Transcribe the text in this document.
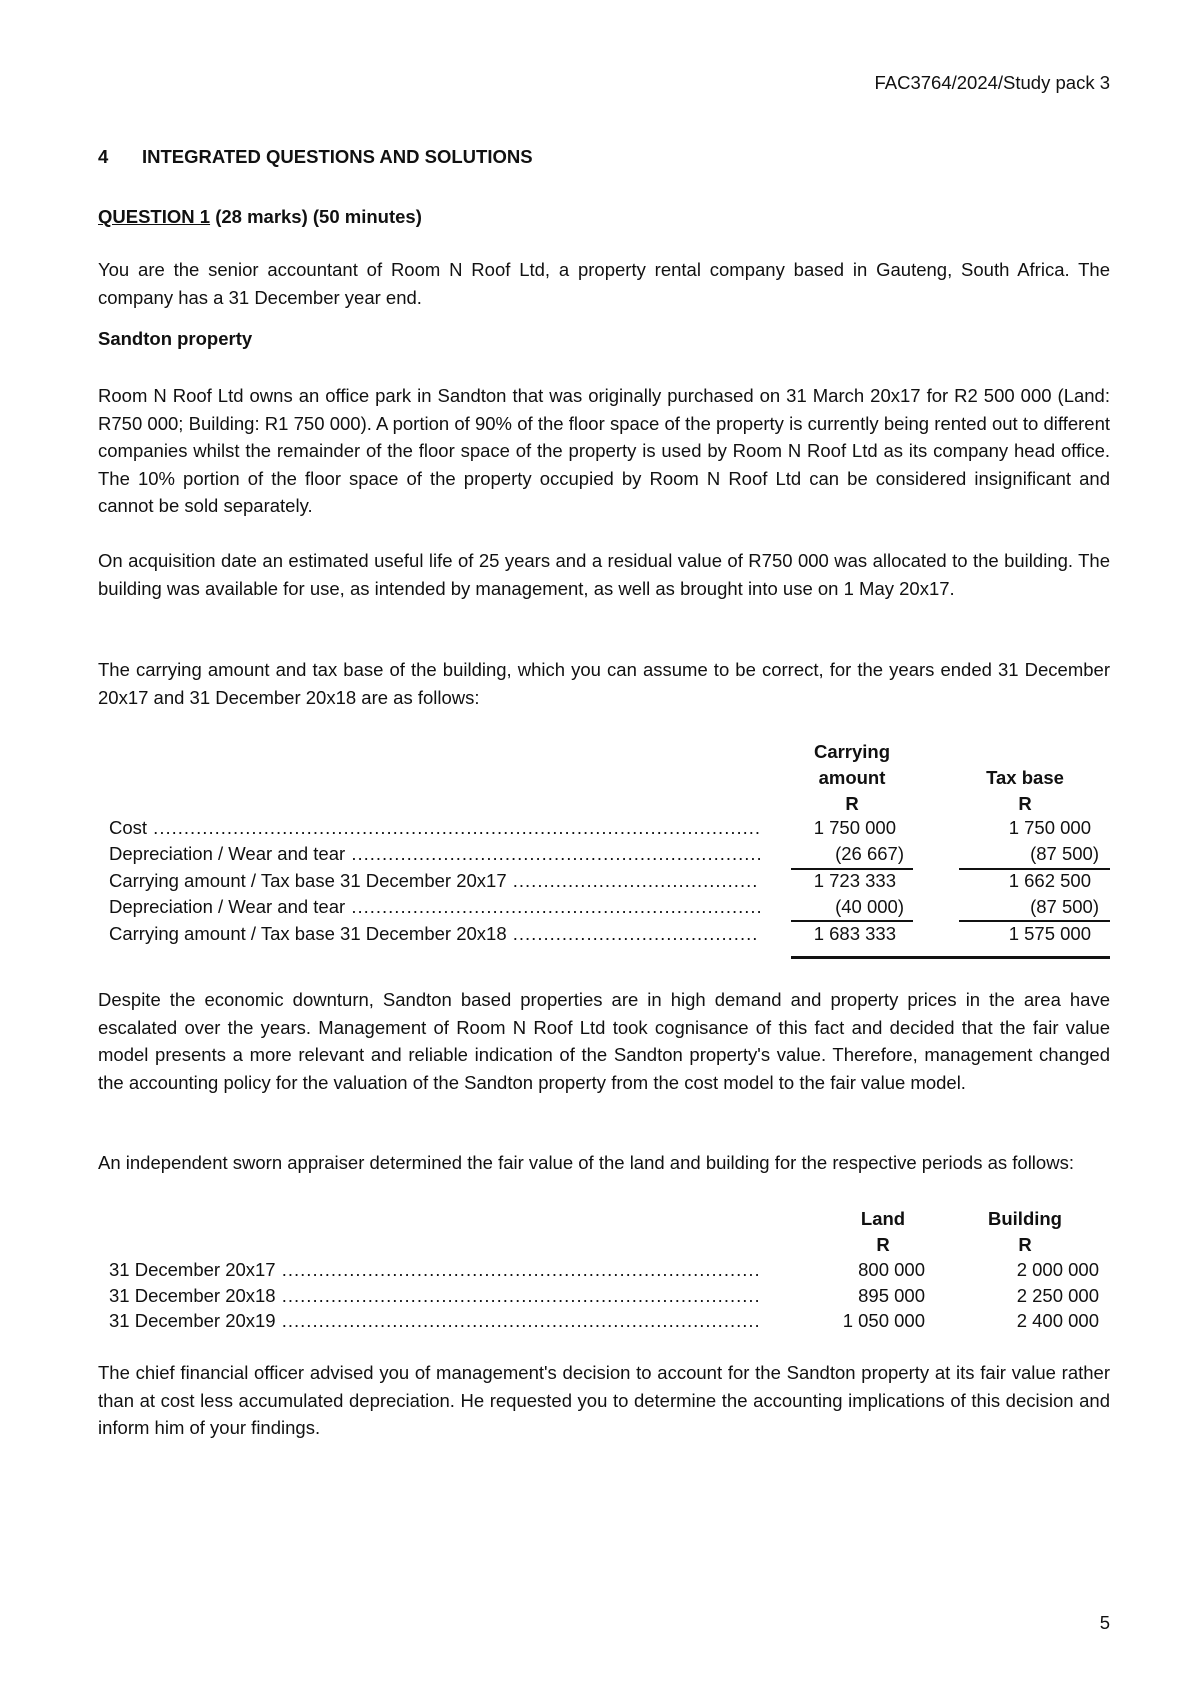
FAC3764/2024/Study pack 3
4 INTEGRATED QUESTIONS AND SOLUTIONS
QUESTION 1 (28 marks) (50 minutes)

You are the senior accountant of Room N Roof Ltd, a property rental company based in Gauteng, South Africa. The company has a 31 December year end.

Sandton property

Room N Roof Ltd owns an office park in Sandton that was originally purchased on 31 March 20x17 for R2 500 000 (Land: R750 000; Building: R1 750 000). A portion of 90% of the floor space of the property is currently being rented out to different companies whilst the remainder of the floor space of the property is used by Room N Roof Ltd as its company head office. The 10% portion of the floor space of the property occupied by Room N Roof Ltd can be considered insignificant and cannot be sold separately.

On acquisition date an estimated useful life of 25 years and a residual value of R750 000 was allocated to the building. The building was available for use, as intended by management, as well as brought into use on 1 May 20x17.

The carrying amount and tax base of the building, which you can assume to be correct, for the years ended 31 December 20x17 and 31 December 20x18 are as follows:

Carrying
amount
R
Tax base
R
Cost .....	1 750 000	1 750 000
Depreciation / Wear and tear .....	(26 667)	(87 500)
Carrying amount / Tax base 31 December 20x17 .....	1 723 333	1 662 500
Depreciation / Wear and tear .....	(40 000)	(87 500)
Carrying amount / Tax base 31 December 20x18 .....	1 683 333	1 575 000

Despite the economic downturn, Sandton based properties are in high demand and property prices in the area have escalated over the years. Management of Room N Roof Ltd took cognisance of this fact and decided that the fair value model presents a more relevant and reliable indication of the Sandton property's value. Therefore, management changed the accounting policy for the valuation of the Sandton property from the cost model to the fair value model.

An independent sworn appraiser determined the fair value of the land and building for the respective periods as follows:

Land
R
Building
R
31 December 20x17 .....	800 000	2 000 000
31 December 20x18 .....	895 000	2 250 000
31 December 20x19 .....	1 050 000	2 400 000

The chief financial officer advised you of management's decision to account for the Sandton property at its fair value rather than at cost less accumulated depreciation. He requested you to determine the accounting implications of this decision and inform him of your findings.

5
